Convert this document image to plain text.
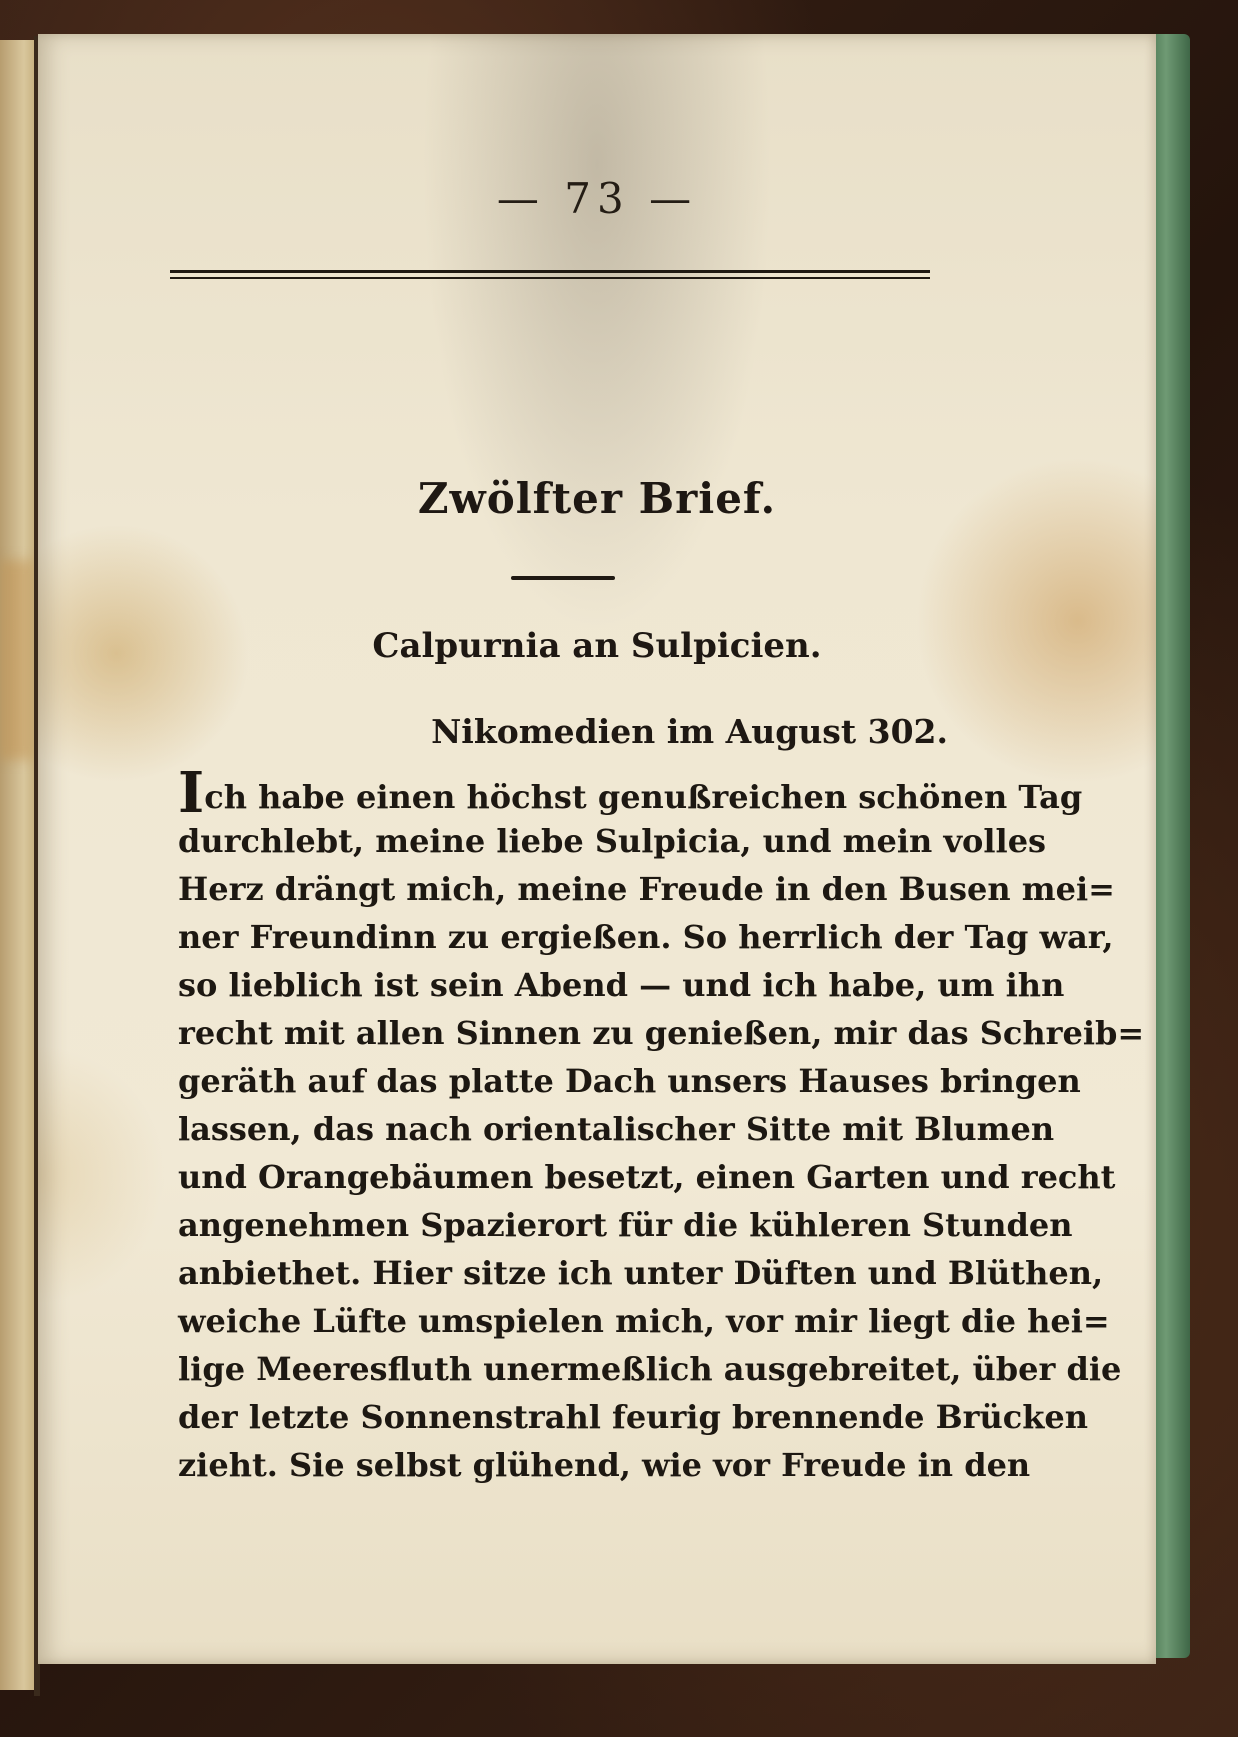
— 73 —
Zwölfter Brief.
Calpurnia an Sulpicien.
Nikomedien im August 302.
Ich habe einen höchst genußreichen schönen Tag
durchlebt, meine liebe Sulpicia, und mein volles
Herz drängt mich, meine Freude in den Busen mei=
ner Freundinn zu ergießen. So herrlich der Tag war,
so lieblich ist sein Abend — und ich habe, um ihn
recht mit allen Sinnen zu genießen, mir das Schreib=
geräth auf das platte Dach unsers Hauses bringen
lassen, das nach orientalischer Sitte mit Blumen
und Orangebäumen besetzt, einen Garten und recht
angenehmen Spazierort für die kühleren Stunden
anbiethet. Hier sitze ich unter Düften und Blüthen,
weiche Lüfte umspielen mich, vor mir liegt die hei=
lige Meeresfluth unermeßlich ausgebreitet, über die
der letzte Sonnenstrahl feurig brennende Brücken
zieht. Sie selbst glühend, wie vor Freude in den
